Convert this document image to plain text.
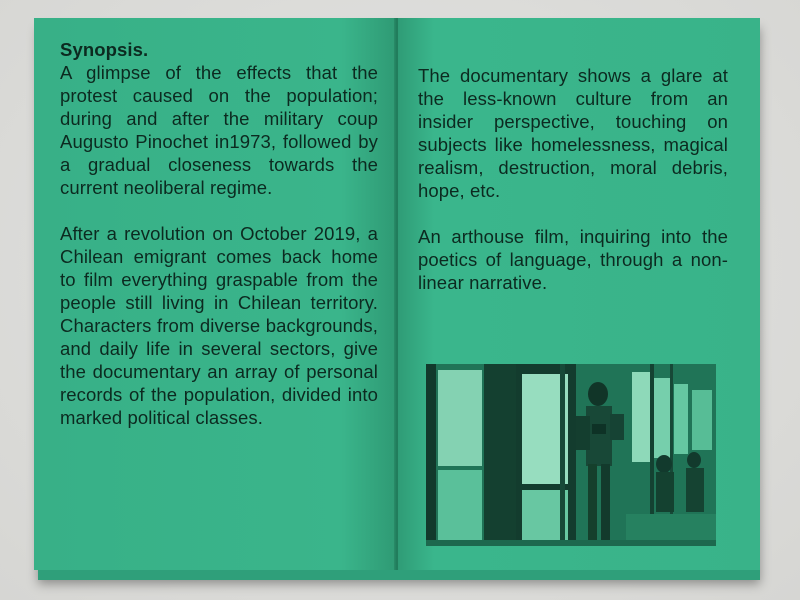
Synopsis.
A glimpse of the effects that the protest caused on the population; during and after the military coup Augusto Pinochet in1973, followed by a gradual closeness towards the current neoliberal regime.
After a revolution on October 2019, a Chilean emigrant comes back home to film everything graspable from the people still living in Chilean territory. Characters from diverse backgrounds, and daily life in several sectors, give the documentary an array of personal records of the population, divided into marked political classes.
The documentary shows a glare at the less-known culture from an insider perspective, touching on subjects like homelessness, magical realism, destruction, moral debris, hope, etc.
An arthouse film, inquiring into the poetics of language, through a non-linear narrative.
